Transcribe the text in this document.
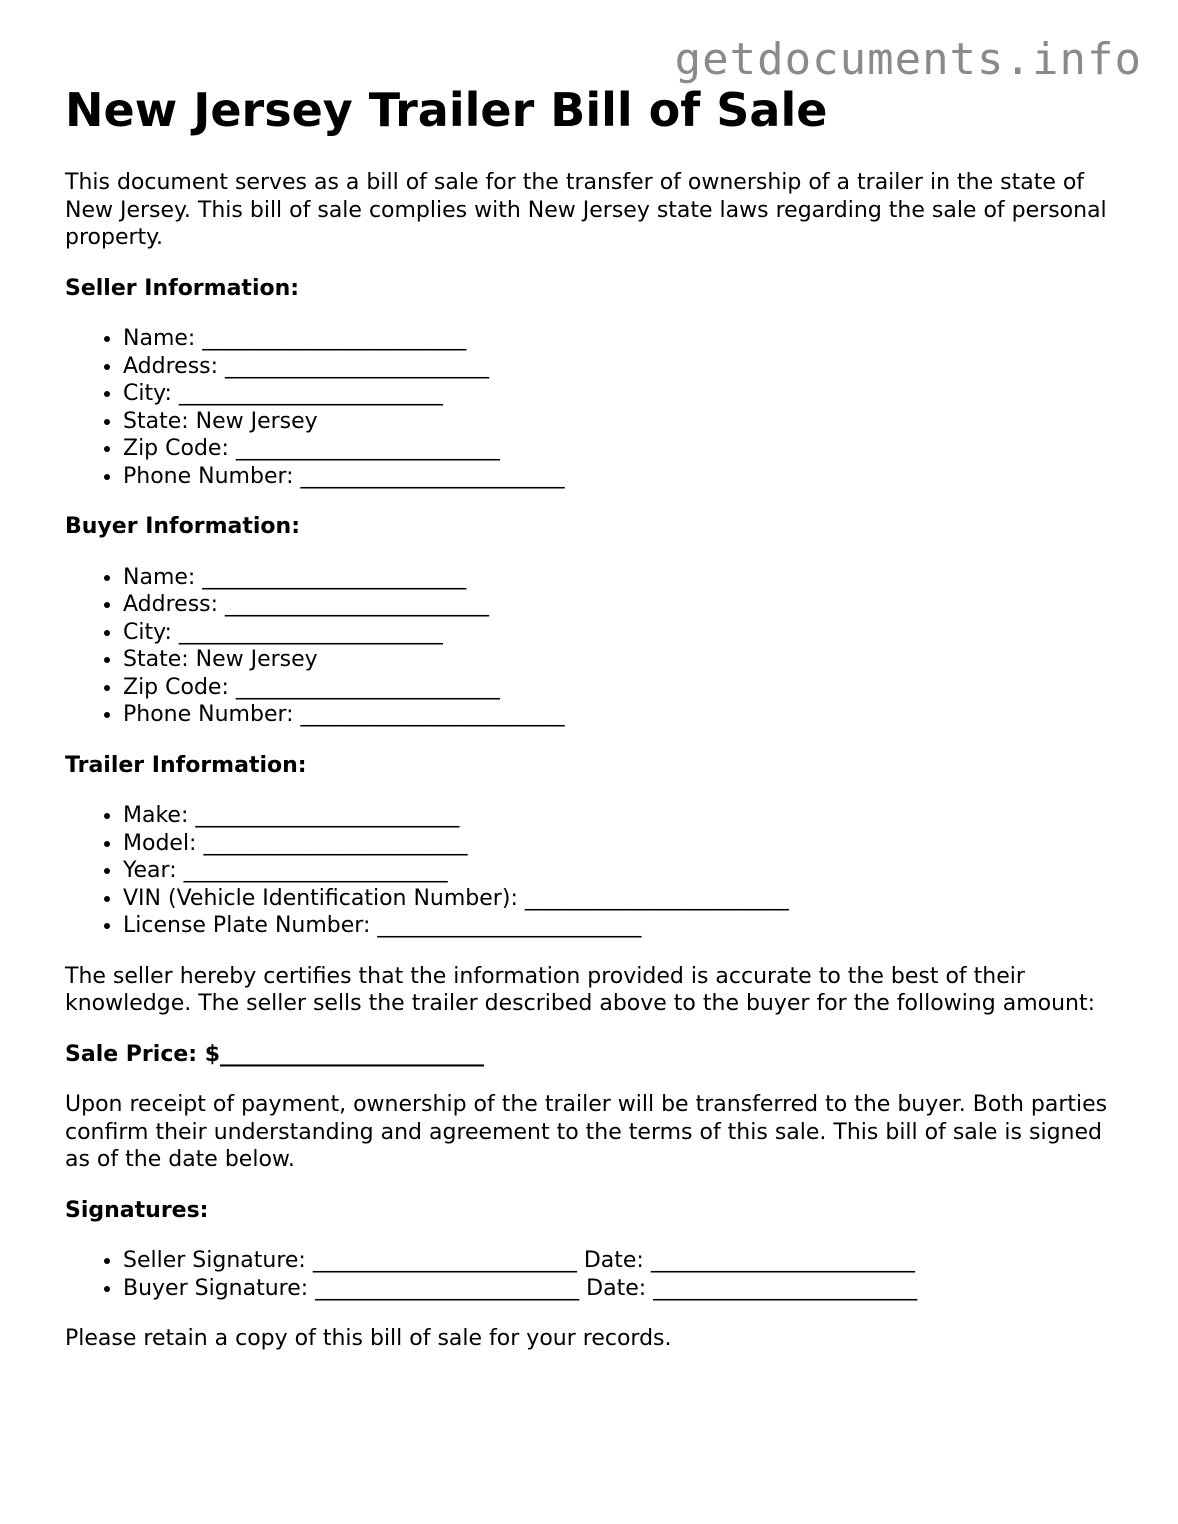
getdocuments.info
New Jersey Trailer Bill of Sale

This document serves as a bill of sale for the transfer of ownership of a trailer in the state of New Jersey. This bill of sale complies with New Jersey state laws regarding the sale of personal property.

Seller Information:
• Name: ________________________
• Address: ________________________
• City: ________________________
• State: New Jersey
• Zip Code: ________________________
• Phone Number: ________________________
Buyer Information:
• Name: ________________________
• Address: ________________________
• City: ________________________
• State: New Jersey
• Zip Code: ________________________
• Phone Number: ________________________
Trailer Information:
• Make: ________________________
• Model: ________________________
• Year: ________________________
• VIN (Vehicle Identification Number): ________________________
• License Plate Number: ________________________

The seller hereby certifies that the information provided is accurate to the best of their knowledge. The seller sells the trailer described above to the buyer for the following amount:

Sale Price: $________________________

Upon receipt of payment, ownership of the trailer will be transferred to the buyer. Both parties confirm their understanding and agreement to the terms of this sale. This bill of sale is signed as of the date below.

Signatures:
• Seller Signature: ________________________ Date: ________________________
• Buyer Signature: ________________________ Date: ________________________

Please retain a copy of this bill of sale for your records.
